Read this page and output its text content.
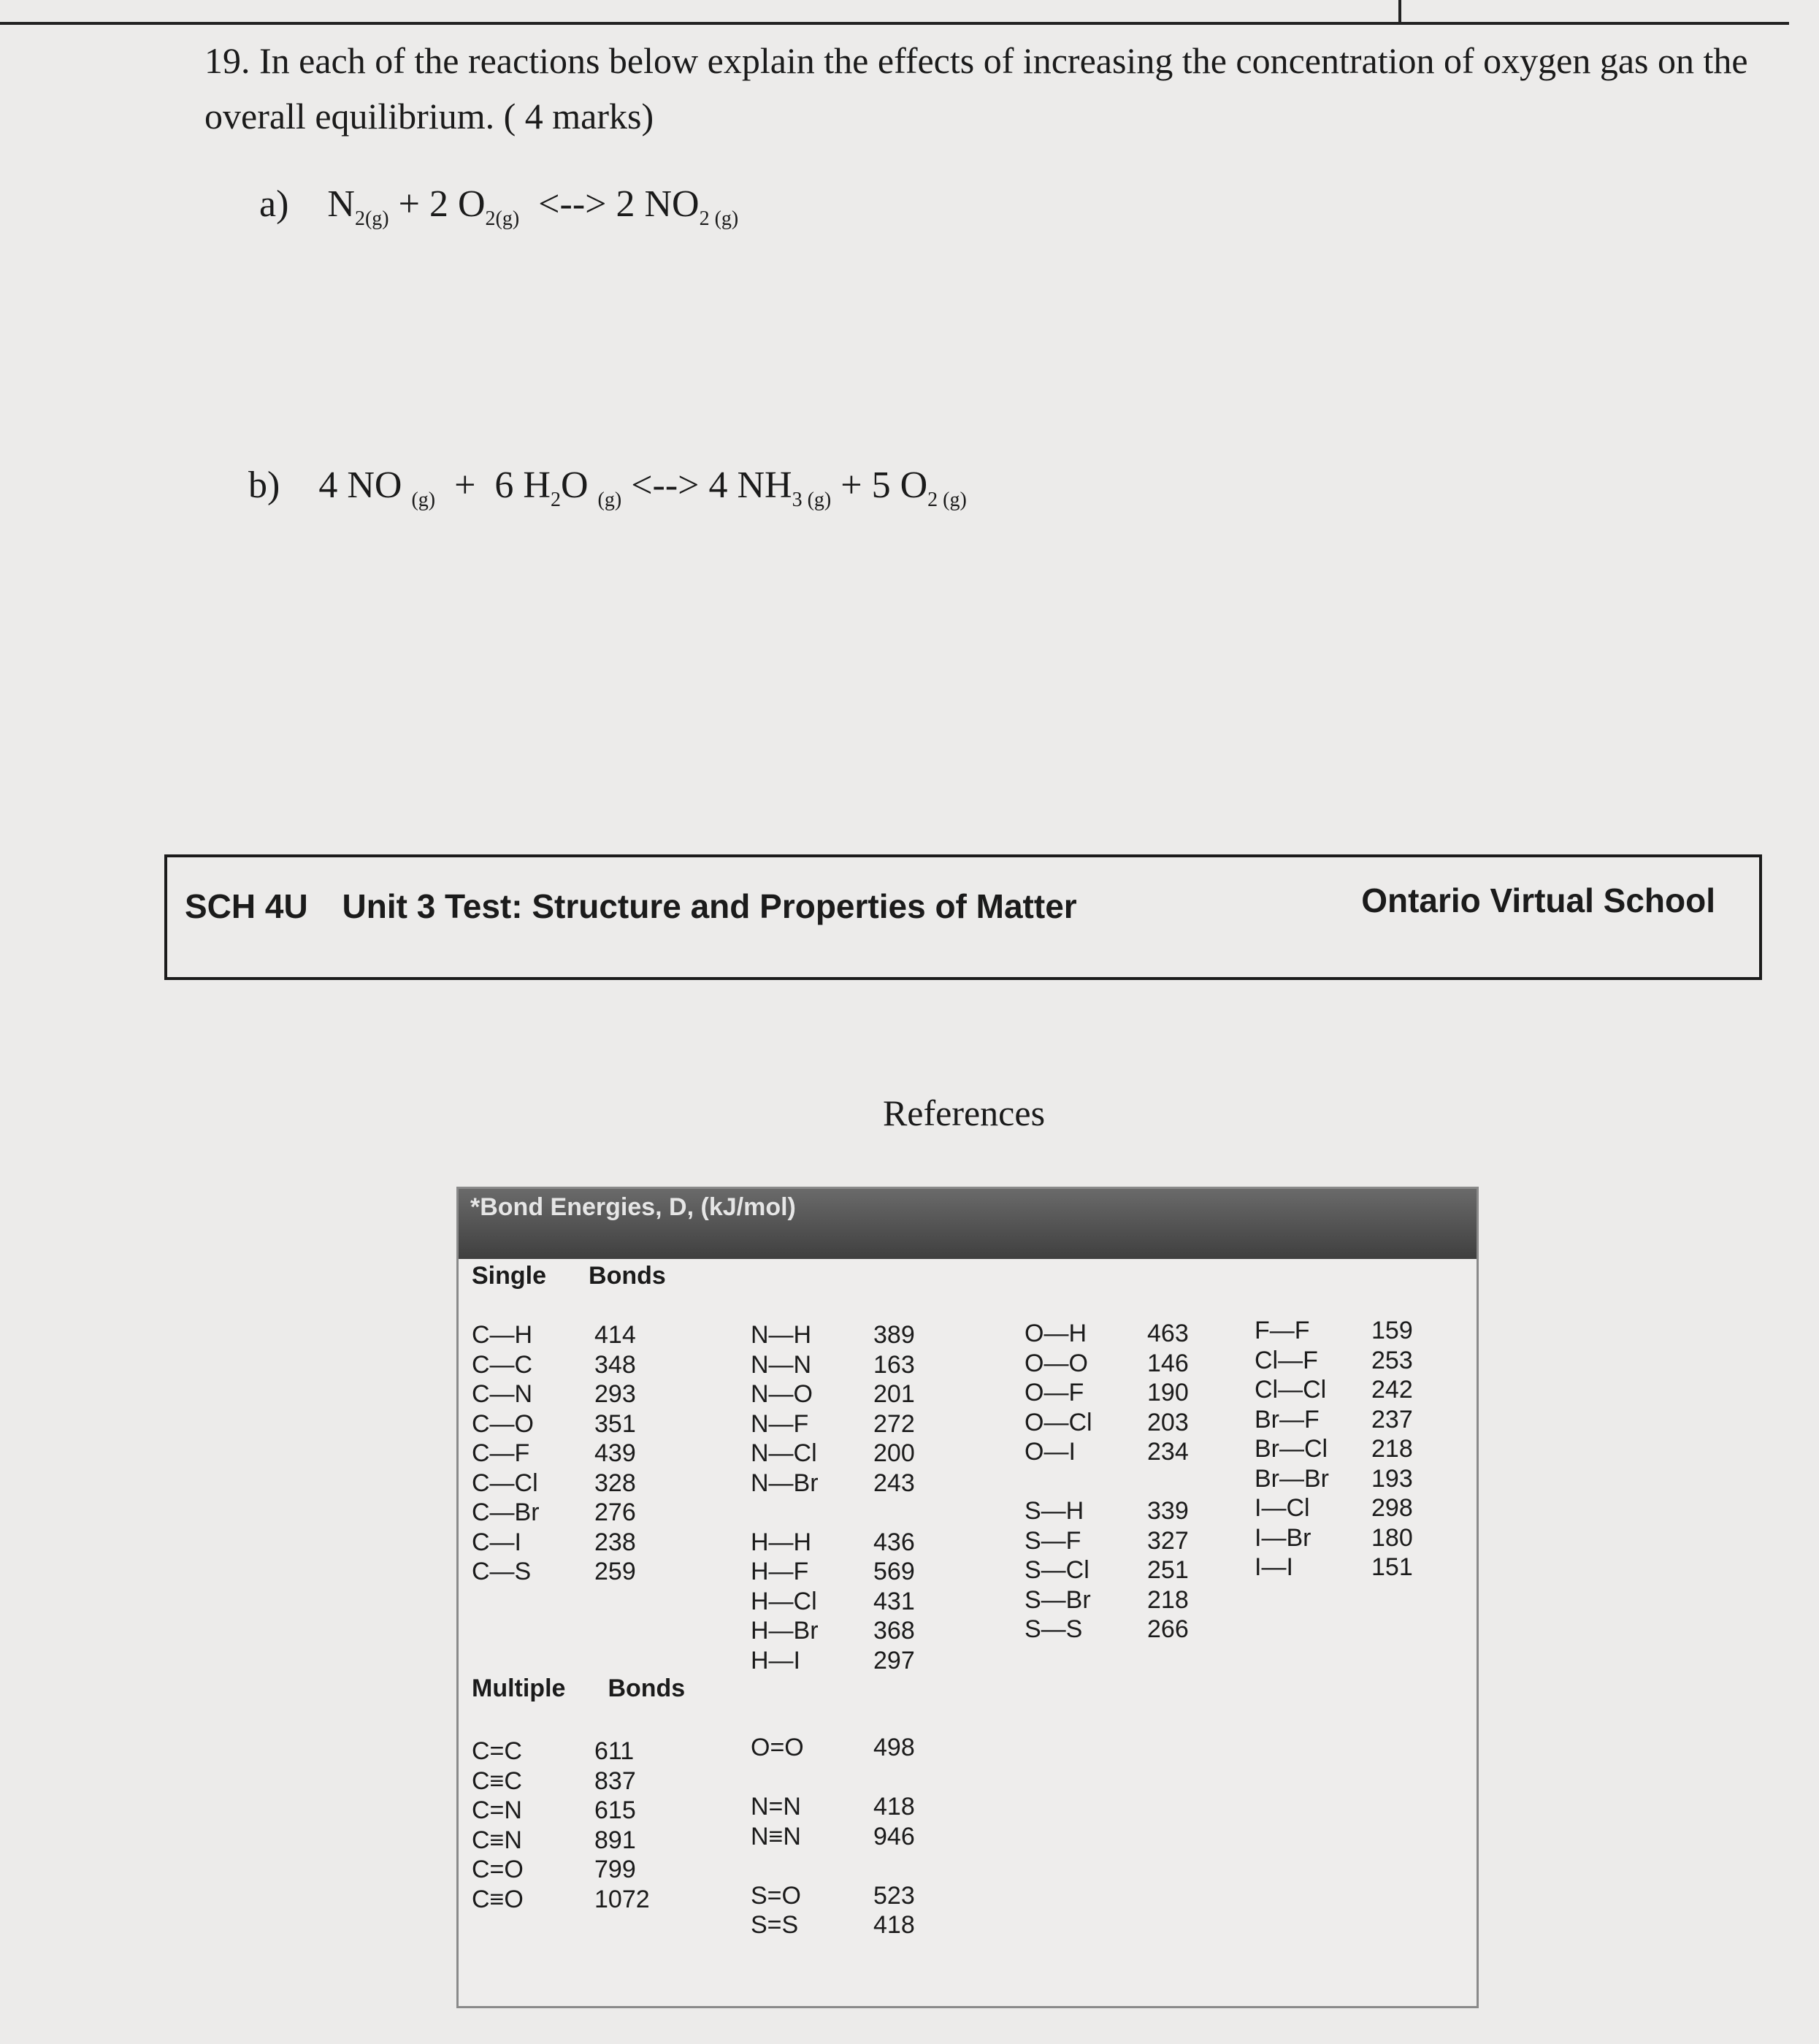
19. In each of the reactions below explain the effects of increasing the concentration of oxygen gas on the overall equilibrium. ( 4 marks)
a) $N_{2(g)} + 2$ $O_{2(g)}$ <--> 2 $NO_{2 (g)}$
b) 4 NO $_{(g)}$ + 6 $H_2O$ $_{(g)}$ <--> 4 $NH_{3 (g)} + 5$ $O_{2 (g)}$
SCH 4U Unit 3 Test: Structure and Properties of Matter	Ontario Virtual School
References
*Bond Energies, D, (kJ/mol)
Single Bonds
C—H	414
C—C	348
C—N	293
C—O	351
C—F	439
C—Cl	328
C—Br	276
C—I	238
C—S	259
N—H	389
N—N	163
N—O	201
N—F	272
N—Cl	200
N—Br	243

H—H	436
H—F	569
H—Cl	431
H—Br	368
H—I	297
O—H	463
O—O	146
O—F	190
O—Cl	203
O—I	234

S—H	339
S—F	327
S—Cl	251
S—Br	218
S—S	266
F—F	159
Cl—F	253
Cl—Cl	242
Br—F	237
Br—Cl	218
Br—Br	193
I—Cl	298
I—Br	180
I—I	151
Multiple Bonds
C=C	611
C≡C	837
C=N	615
C≡N	891
C=O	799
C≡O	1072
O=O	498

N=N	418
N≡N	946

S=O	523
S=S	418
